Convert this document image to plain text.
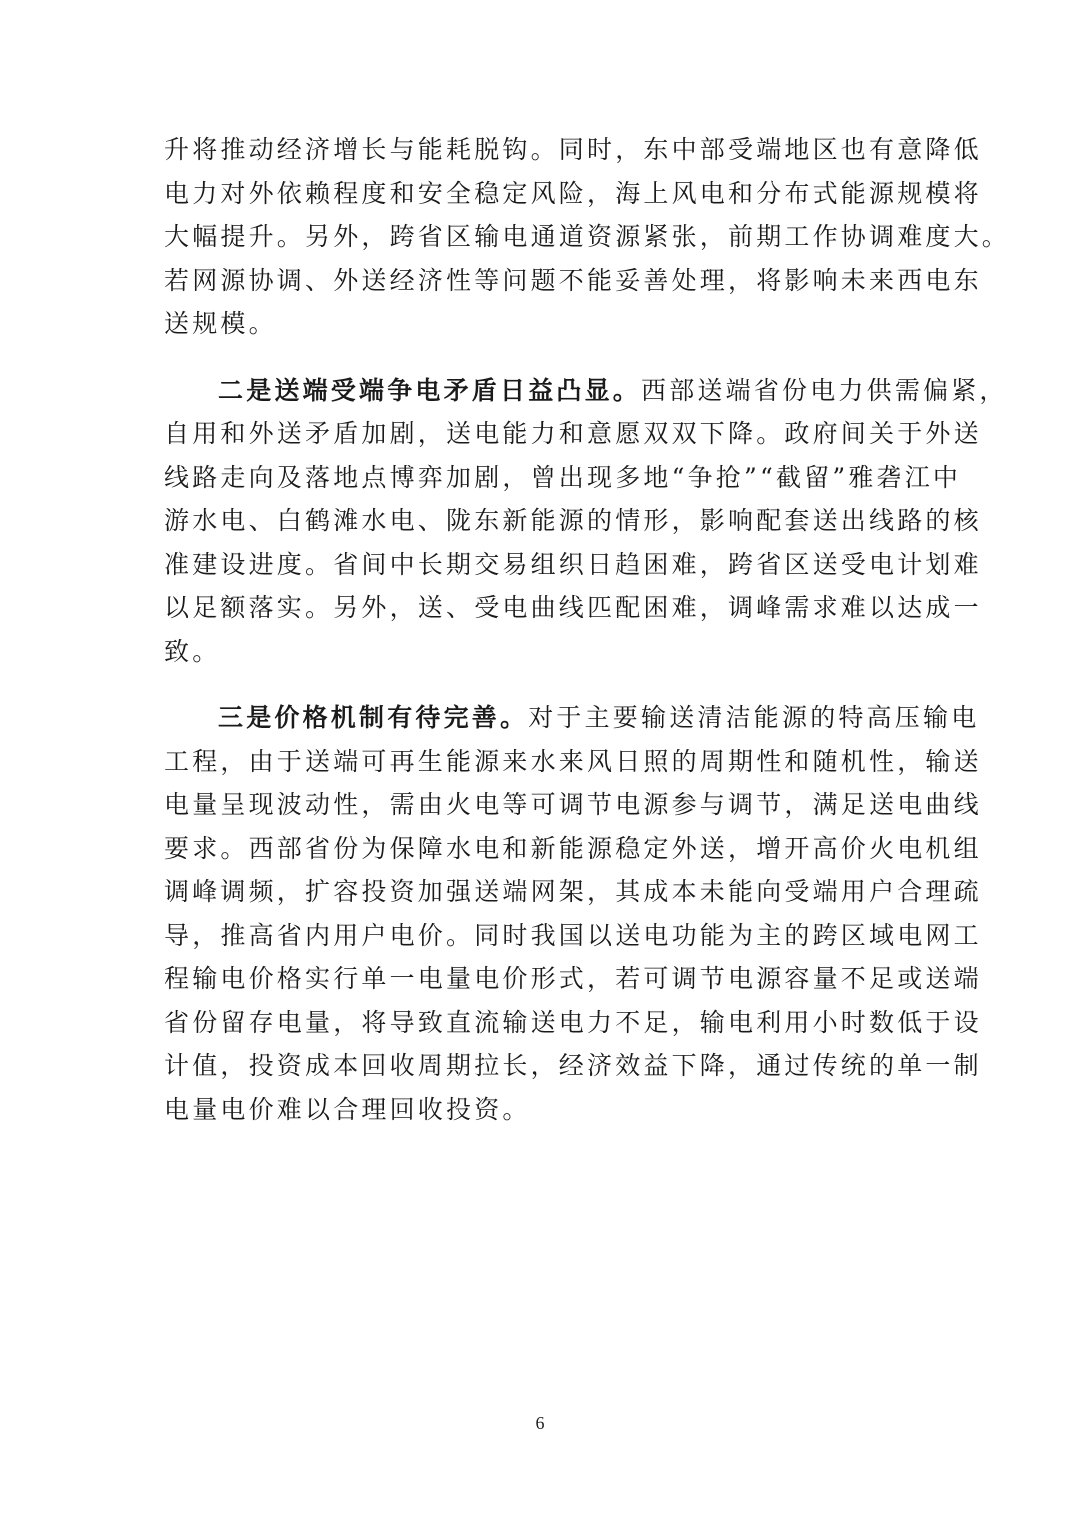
升将推动经济增长与能耗脱钩。同时，东中部受端地区也有意降低
电力对外依赖程度和安全稳定风险，海上风电和分布式能源规模将
大幅提升。另外，跨省区输电通道资源紧张，前期工作协调难度大。
若网源协调、外送经济性等问题不能妥善处理，将影响未来西电东
送规模。
二是送端受端争电矛盾日益凸显。西部送端省份电力供需偏紧，
自用和外送矛盾加剧，送电能力和意愿双双下降。政府间关于外送
线路走向及落地点博弈加剧，曾出现多地“争抢”“截留”雅砻江中
游水电、白鹤滩水电、陇东新能源的情形，影响配套送出线路的核
准建设进度。省间中长期交易组织日趋困难，跨省区送受电计划难
以足额落实。另外，送、受电曲线匹配困难，调峰需求难以达成一
致。
三是价格机制有待完善。对于主要输送清洁能源的特高压输电
工程，由于送端可再生能源来水来风日照的周期性和随机性，输送
电量呈现波动性，需由火电等可调节电源参与调节，满足送电曲线
要求。西部省份为保障水电和新能源稳定外送，增开高价火电机组
调峰调频，扩容投资加强送端网架，其成本未能向受端用户合理疏
导，推高省内用户电价。同时我国以送电功能为主的跨区域电网工
程输电价格实行单一电量电价形式，若可调节电源容量不足或送端
省份留存电量，将导致直流输送电力不足，输电利用小时数低于设
计值，投资成本回收周期拉长，经济效益下降，通过传统的单一制
电量电价难以合理回收投资。
6
